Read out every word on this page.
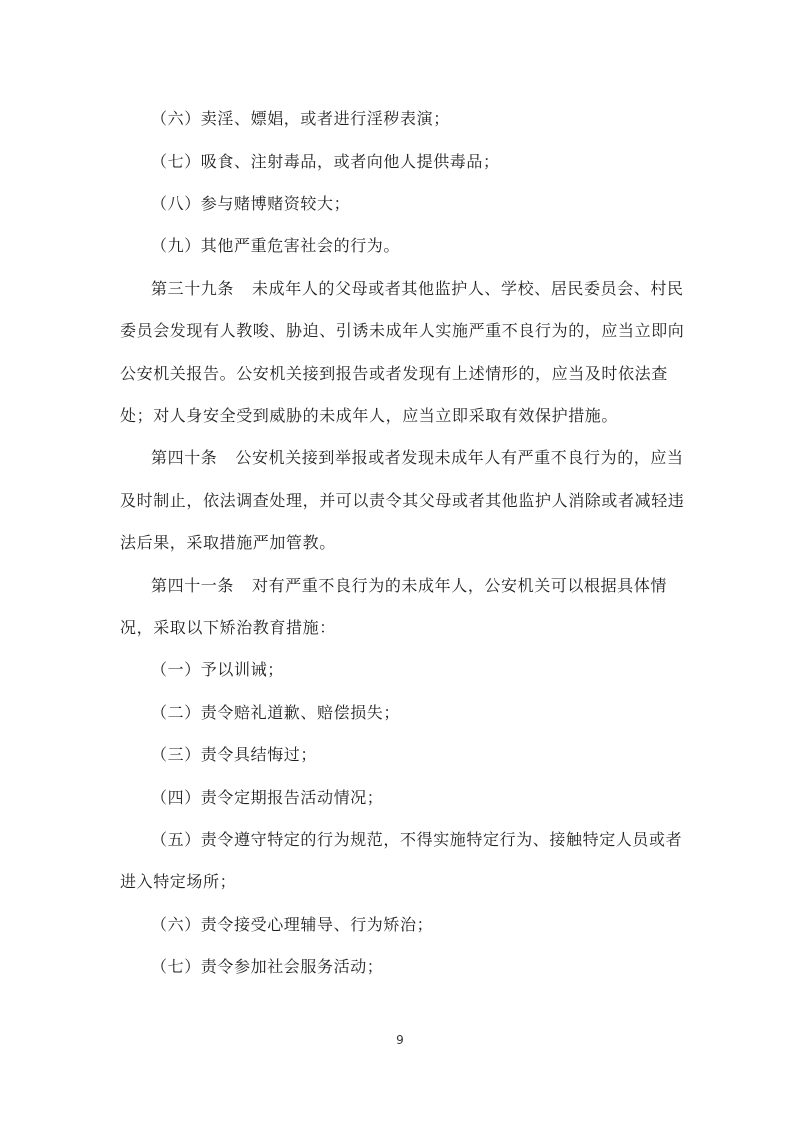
（六）卖淫、嫖娼，或者进行淫秽表演；
（七）吸食、注射毒品，或者向他人提供毒品；
（八）参与赌博赌资较大；
（九）其他严重危害社会的行为。
第三十九条 未成年人的父母或者其他监护人、学校、居民委员会、村民
委员会发现有人教唆、胁迫、引诱未成年人实施严重不良行为的，应当立即向
公安机关报告。公安机关接到报告或者发现有上述情形的，应当及时依法查
处；对人身安全受到威胁的未成年人，应当立即采取有效保护措施。
第四十条 公安机关接到举报或者发现未成年人有严重不良行为的，应当
及时制止，依法调查处理，并可以责令其父母或者其他监护人消除或者减轻违
法后果，采取措施严加管教。
第四十一条 对有严重不良行为的未成年人，公安机关可以根据具体情
况，采取以下矫治教育措施：
（一）予以训诫；
（二）责令赔礼道歉、赔偿损失；
（三）责令具结悔过；
（四）责令定期报告活动情况；
（五）责令遵守特定的行为规范，不得实施特定行为、接触特定人员或者
进入特定场所；
（六）责令接受心理辅导、行为矫治；
（七）责令参加社会服务活动；
9
